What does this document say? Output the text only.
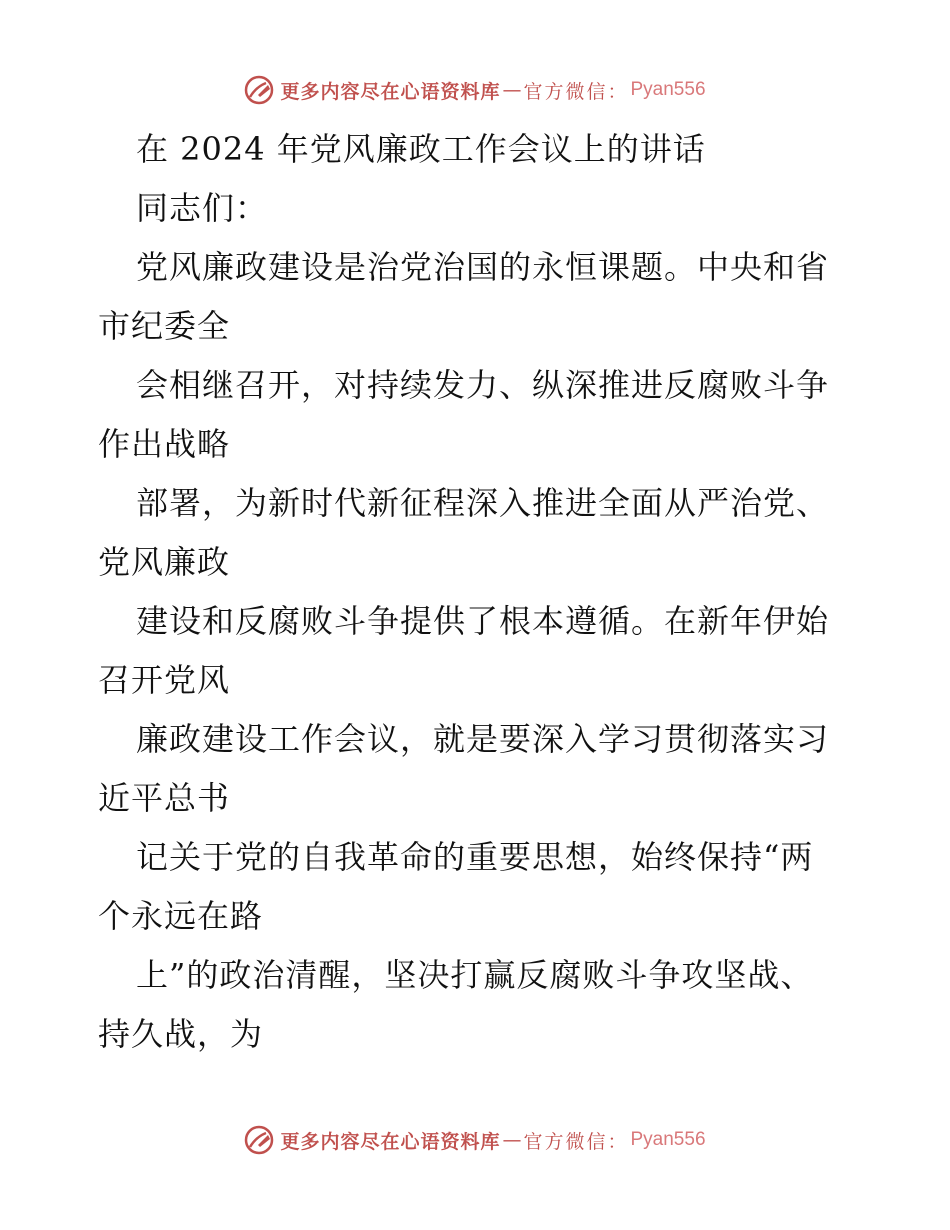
更多内容尽在心语资料库 — 官方微信： Pyan556
在 2024 年党风廉政工作会议上的讲话
同志们：
党风廉政建设是治党治国的永恒课题。中央和省
市纪委全
会相继召开，对持续发力、纵深推进反腐败斗争
作出战略
部署，为新时代新征程深入推进全面从严治党、
党风廉政
建设和反腐败斗争提供了根本遵循。在新年伊始
召开党风
廉政建设工作会议，就是要深入学习贯彻落实习
近平总书
记关于党的自我革命的重要思想，始终保持“两
个永远在路
上”的政治清醒，坚决打赢反腐败斗争攻坚战、
持久战，为
更多内容尽在心语资料库 — 官方微信： Pyan556
